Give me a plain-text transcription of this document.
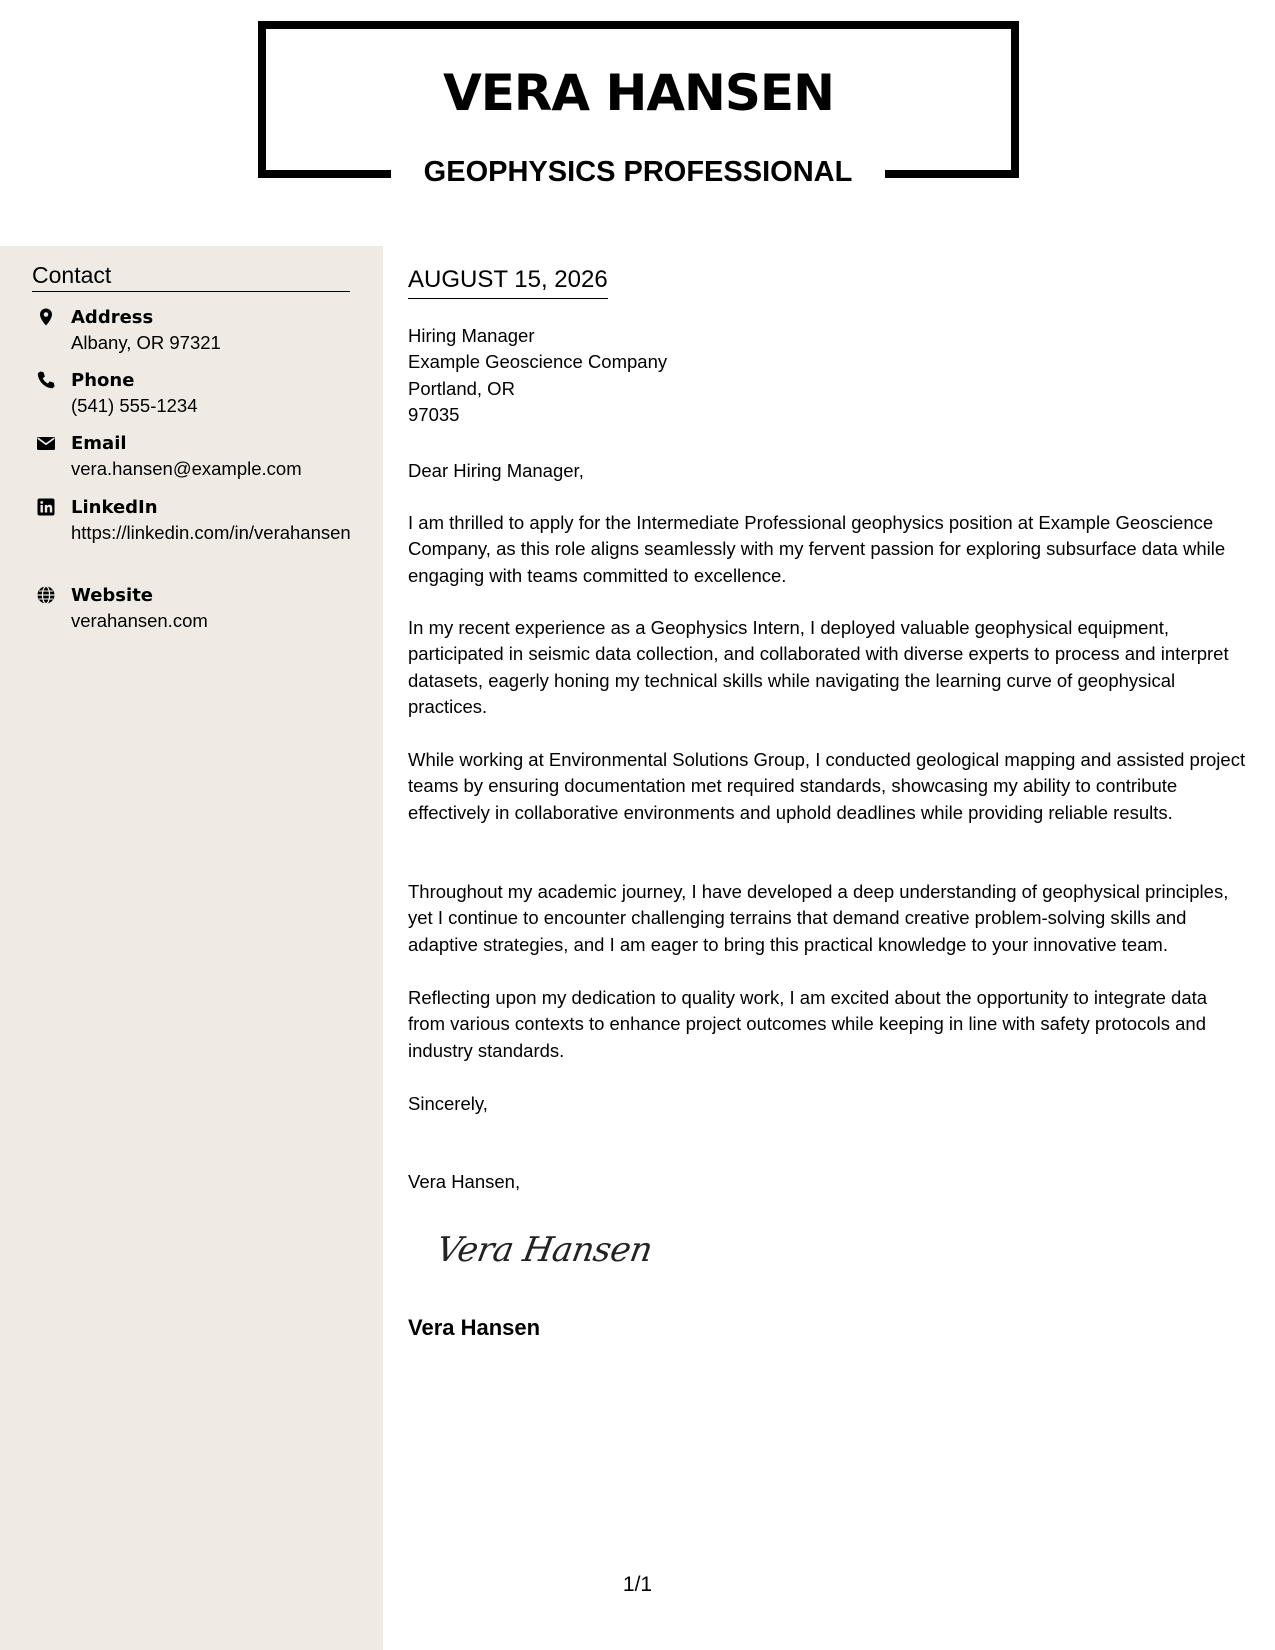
VERA HANSEN
GEOPHYSICS PROFESSIONAL
Contact
Address
Albany, OR 97321
Phone
(541) 555-1234
Email
vera.hansen@example.com
LinkedIn
https://linkedin.com/in/verahansen
Website
verahansen.com
AUGUST 15, 2026
Hiring Manager
Example Geoscience Company
Portland, OR
97035
Dear Hiring Manager,
I am thrilled to apply for the Intermediate Professional geophysics position at Example Geoscience Company, as this role aligns seamlessly with my fervent passion for exploring subsurface data while engaging with teams committed to excellence.
In my recent experience as a Geophysics Intern, I deployed valuable geophysical equipment, participated in seismic data collection, and collaborated with diverse experts to process and interpret datasets, eagerly honing my technical skills while navigating the learning curve of geophysical practices.
While working at Environmental Solutions Group, I conducted geological mapping and assisted project teams by ensuring documentation met required standards, showcasing my ability to contribute effectively in collaborative environments and uphold deadlines while providing reliable results.
Throughout my academic journey, I have developed a deep understanding of geophysical principles, yet I continue to encounter challenging terrains that demand creative problem-solving skills and adaptive strategies, and I am eager to bring this practical knowledge to your innovative team.
Reflecting upon my dedication to quality work, I am excited about the opportunity to integrate data from various contexts to enhance project outcomes while keeping in line with safety protocols and industry standards.
Sincerely,
Vera Hansen,
Vera Hansen
Vera Hansen
1/1
